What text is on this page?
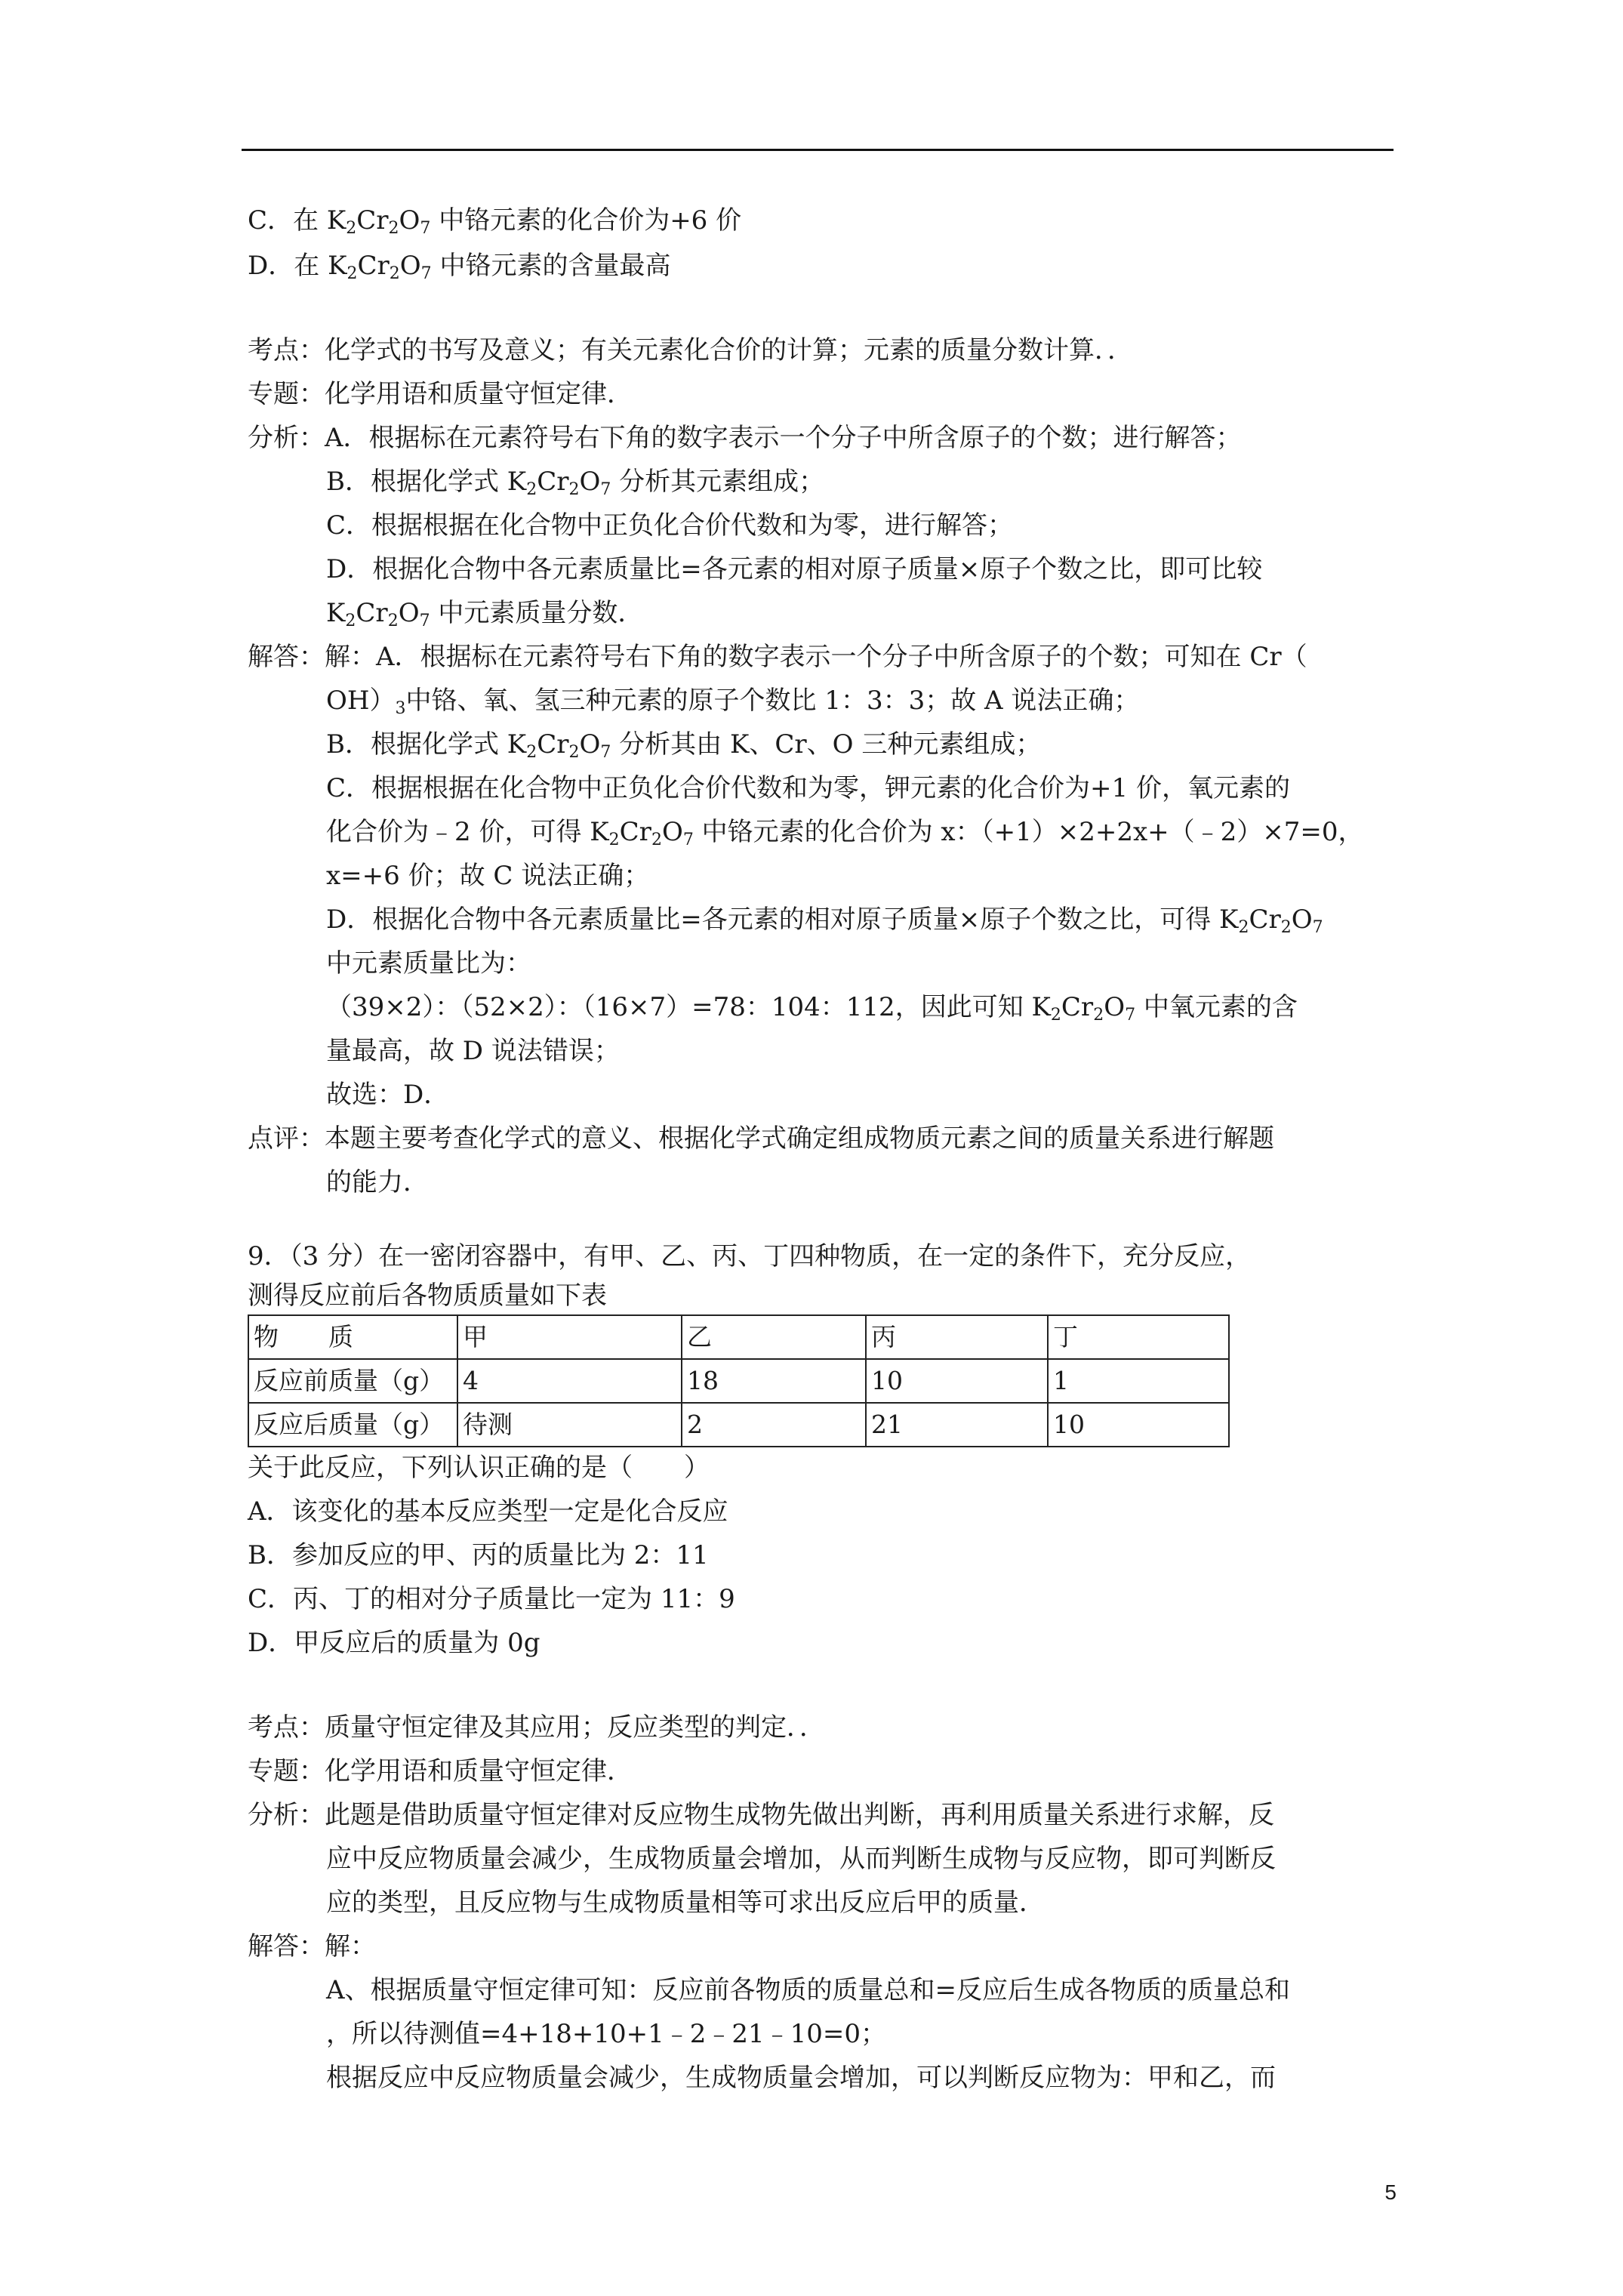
C．在 $K_2Cr_2O_7$ 中铬元素的化合价为+6 价
D．在 $K_2Cr_2O_7$ 中铬元素的含量最高
考点：化学式的书写及意义；有关元素化合价的计算；元素的质量分数计算．．
专题：化学用语和质量守恒定律．
分析：A．根据标在元素符号右下角的数字表示一个分子中所含原子的个数；进行解答；
B．根据化学式 $K_2Cr_2O_7$ 分析其元素组成；
C．根据根据在化合物中正负化合价代数和为零，进行解答；
D．根据化合物中各元素质量比=各元素的相对原子质量×原子个数之比，即可比较
$K_2Cr_2O_7$ 中元素质量分数．
解答：解：A．根据标在元素符号右下角的数字表示一个分子中所含原子的个数；可知在 Cr（
$OH)_3$中铬、氧、氢三种元素的原子个数比 1：3：3；故 A 说法正确；
B．根据化学式 $K_2Cr_2O_7$ 分析其由 K、Cr、O 三种元素组成；
C．根据根据在化合物中正负化合价代数和为零，钾元素的化合价为+1 价，氧元素的
化合价为﹣2 价，可得 $K_2Cr_2O_7$ 中铬元素的化合价为 x：（+1）×2+2x+（﹣2）×7=0，
x=+6 价；故 C 说法正确；
D．根据化合物中各元素质量比=各元素的相对原子质量×原子个数之比，可得 $K_2Cr_2O_7$
中元素质量比为：
（39×2）：（52×2）：（16×7）=78：104：112，因此可知 $K_2Cr_2O_7$ 中氧元素的含
量最高，故 D 说法错误；
故选：D．
点评：本题主要考查化学式的意义、根据化学式确定组成物质元素之间的质量关系进行解题
的能力．
9．（3 分）在一密闭容器中，有甲、乙、丙、丁四种物质，在一定的条件下，充分反应，
测得反应前后各物质质量如下表
物　　质	甲	乙	丙	丁
反应前质量（g）	4	18	10	1
反应后质量（g）	待测	2	21	10
关于此反应，下列认识正确的是（　　）
A．该变化的基本反应类型一定是化合反应
B．参加反应的甲、丙的质量比为 2：11
C．丙、丁的相对分子质量比一定为 11：9
D．甲反应后的质量为 0g
考点：质量守恒定律及其应用；反应类型的判定．．
专题：化学用语和质量守恒定律．
分析：此题是借助质量守恒定律对反应物生成物先做出判断，再利用质量关系进行求解，反
应中反应物质量会减少，生成物质量会增加，从而判断生成物与反应物，即可判断反
应的类型，且反应物与生成物质量相等可求出反应后甲的质量．
解答：解：
A、根据质量守恒定律可知：反应前各物质的质量总和=反应后生成各物质的质量总和
，所以待测值=4+18+10+1﹣2﹣21﹣10=0；
根据反应中反应物质量会减少，生成物质量会增加，可以判断反应物为：甲和乙，而
5
